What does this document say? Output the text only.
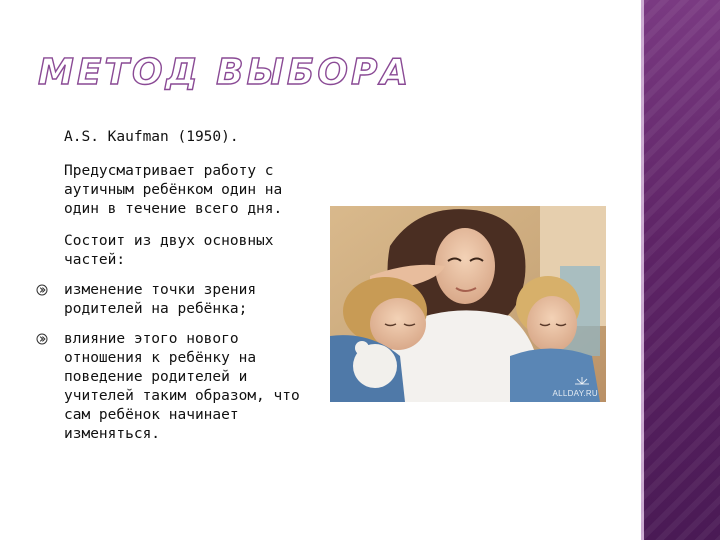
МЕТОД ВЫБОРА

A.S. Kaufman (1950).

Предусматривает работу с аутичным ребёнком один на один в течение всего дня.

Состоит из двух основных частей:

изменение точки зрения родителей на ребёнка;
влияние этого нового отношения к ребёнку на поведение родителей и учителей таким образом, что сам ребёнок начинает изменяться.
ALLDAY.RU
